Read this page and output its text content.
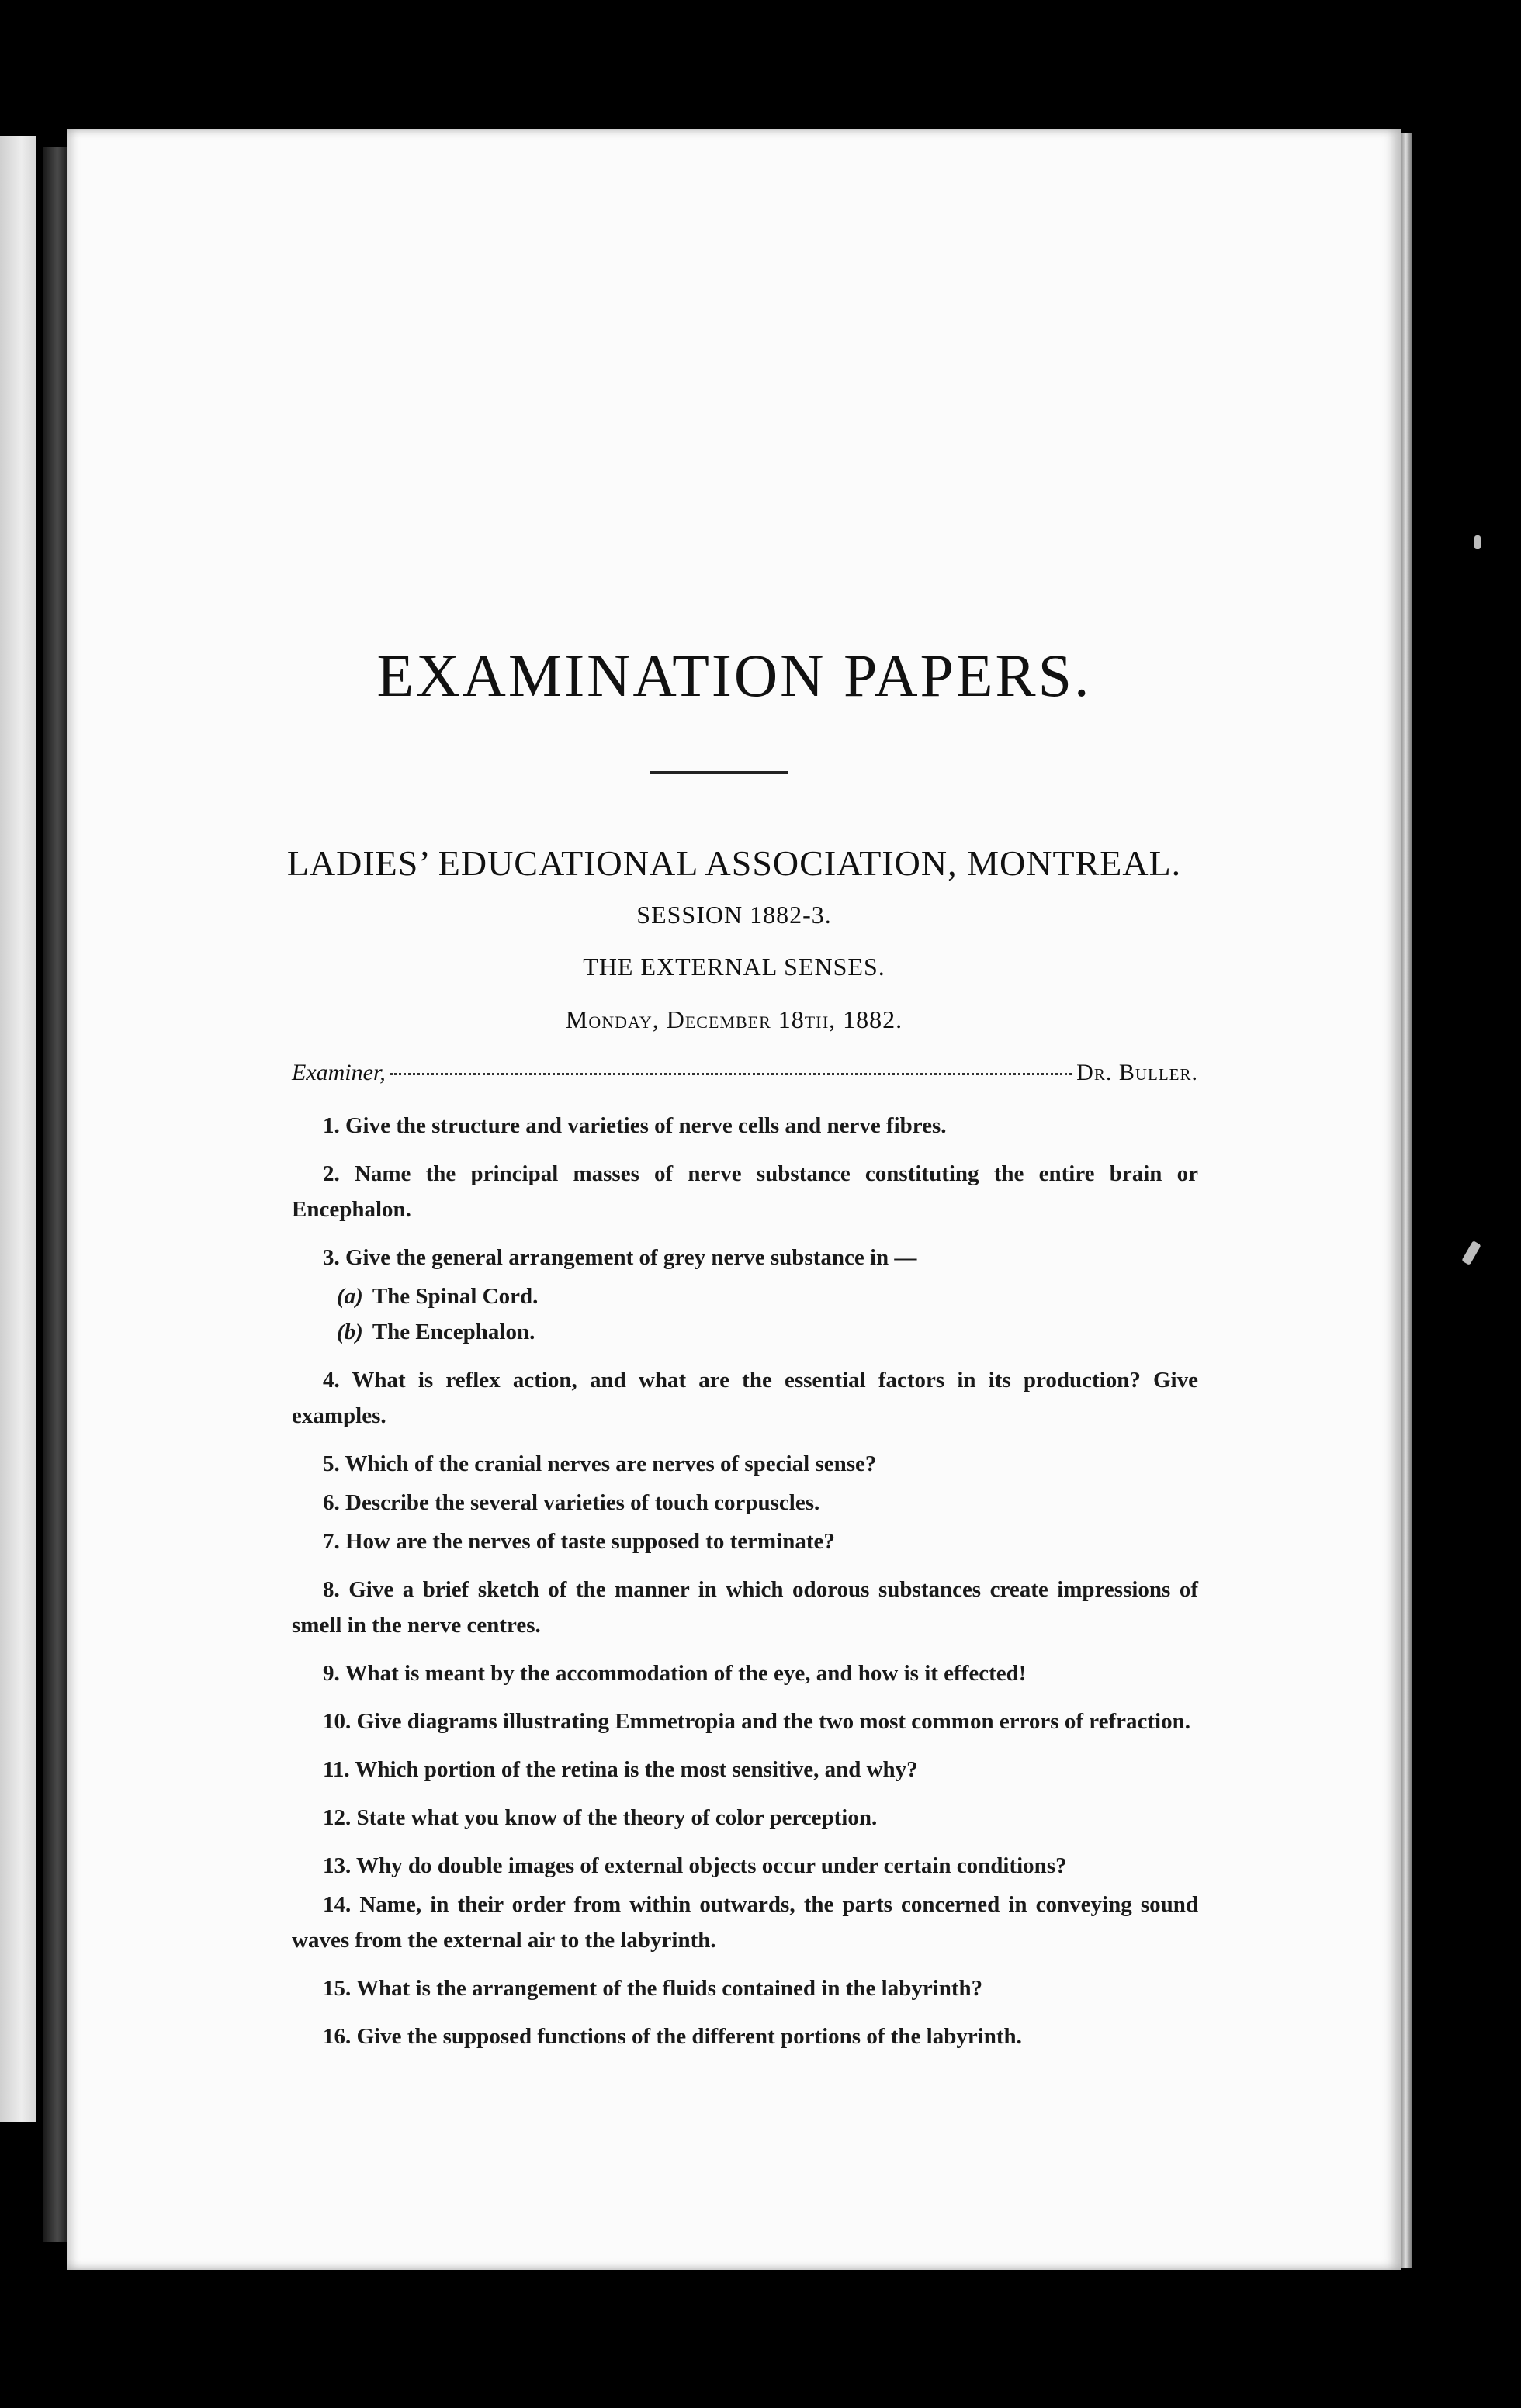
EXAMINATION PAPERS.
LADIES’ EDUCATIONAL ASSOCIATION, MONTREAL.
SESSION 1882-3.
THE EXTERNAL SENSES.
Monday, December 18th, 1882.
Examiner,	Dr. Buller.

1. Give the structure and varieties of nerve cells and nerve fibres.

2. Name the principal masses of nerve substance constituting the entire brain or Encephalon.

3. Give the general arrangement of grey nerve substance in —

(a) The Spinal Cord.
(b) The Encephalon.

4. What is reflex action, and what are the essential factors in its production? Give examples.

5. Which of the cranial nerves are nerves of special sense?

6. Describe the several varieties of touch corpuscles.

7. How are the nerves of taste supposed to terminate?

8. Give a brief sketch of the manner in which odorous substances create impressions of smell in the nerve centres.

9. What is meant by the accommodation of the eye, and how is it effected!

10. Give diagrams illustrating Emmetropia and the two most common errors of refraction.

11. Which portion of the retina is the most sensitive, and why?

12. State what you know of the theory of color perception.

13. Why do double images of external objects occur under certain conditions?

14. Name, in their order from within outwards, the parts concerned in conveying sound waves from the external air to the labyrinth.

15. What is the arrangement of the fluids contained in the labyrinth?

16. Give the supposed functions of the different portions of the labyrinth.
